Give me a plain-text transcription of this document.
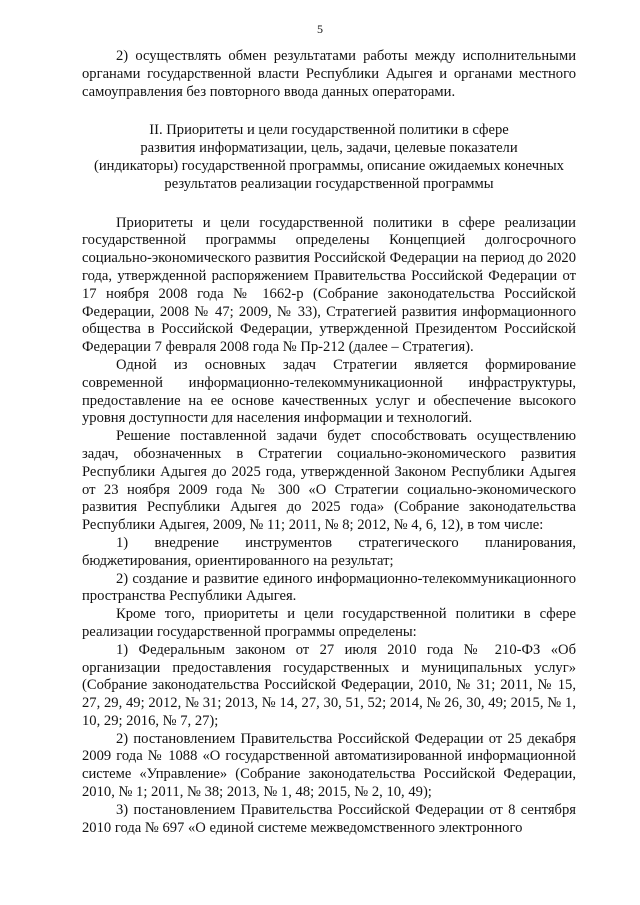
5

2) осуществлять обмен результатами работы между исполнительными органами государственной власти Республики Адыгея и органами местного самоуправления без повторного ввода данных операторами.

II. Приоритеты и цели государственной политики в сфере
развития информатизации, цель, задачи, целевые показатели
(индикаторы) государственной программы, описание ожидаемых конечных
результатов реализации государственной программы

Приоритеты и цели государственной политики в сфере реализации государственной программы определены Концепцией долгосрочного социально-экономического развития Российской Федерации на период до 2020 года, утвержденной распоряжением Правительства Российской Федерации от 17 ноября 2008 года № 1662-р (Собрание законодательства Российской Федерации, 2008 № 47; 2009, № 33), Стратегией развития информационного общества в Российской Федерации, утвержденной Президентом Российской Федерации 7 февраля 2008 года № Пр-212 (далее – Стратегия).

Одной из основных задач Стратегии является формирование современной информационно-телекоммуникационной инфраструктуры, предоставление на ее основе качественных услуг и обеспечение высокого уровня доступности для населения информации и технологий.

Решение поставленной задачи будет способствовать осуществлению задач, обозначенных в Стратегии социально-экономического развития Республики Адыгея до 2025 года, утвержденной Законом Республики Адыгея от 23 ноября 2009 года № 300 «О Стратегии социально-экономического развития Республики Адыгея до 2025 года» (Собрание законодательства Республики Адыгея, 2009, № 11; 2011, № 8; 2012, № 4, 6, 12), в том числе:

1) внедрение инструментов стратегического планирования, бюджетирования, ориентированного на результат;

2) создание и развитие единого информационно-телекоммуникационного пространства Республики Адыгея.

Кроме того, приоритеты и цели государственной политики в сфере реализации государственной программы определены:

1) Федеральным законом от 27 июля 2010 года № 210-ФЗ «Об организации предоставления государственных и муниципальных услуг» (Собрание законодательства Российской Федерации, 2010, № 31; 2011, № 15, 27, 29, 49; 2012, № 31; 2013, № 14, 27, 30, 51, 52; 2014, № 26, 30, 49; 2015, № 1, 10, 29; 2016, № 7, 27);

2) постановлением Правительства Российской Федерации от 25 декабря 2009 года № 1088 «О государственной автоматизированной информационной системе «Управление» (Собрание законодательства Российской Федерации, 2010, № 1; 2011, № 38; 2013, № 1, 48; 2015, № 2, 10, 49);

3) постановлением Правительства Российской Федерации от 8 сентября 2010 года № 697 «О единой системе межведомственного электронного
